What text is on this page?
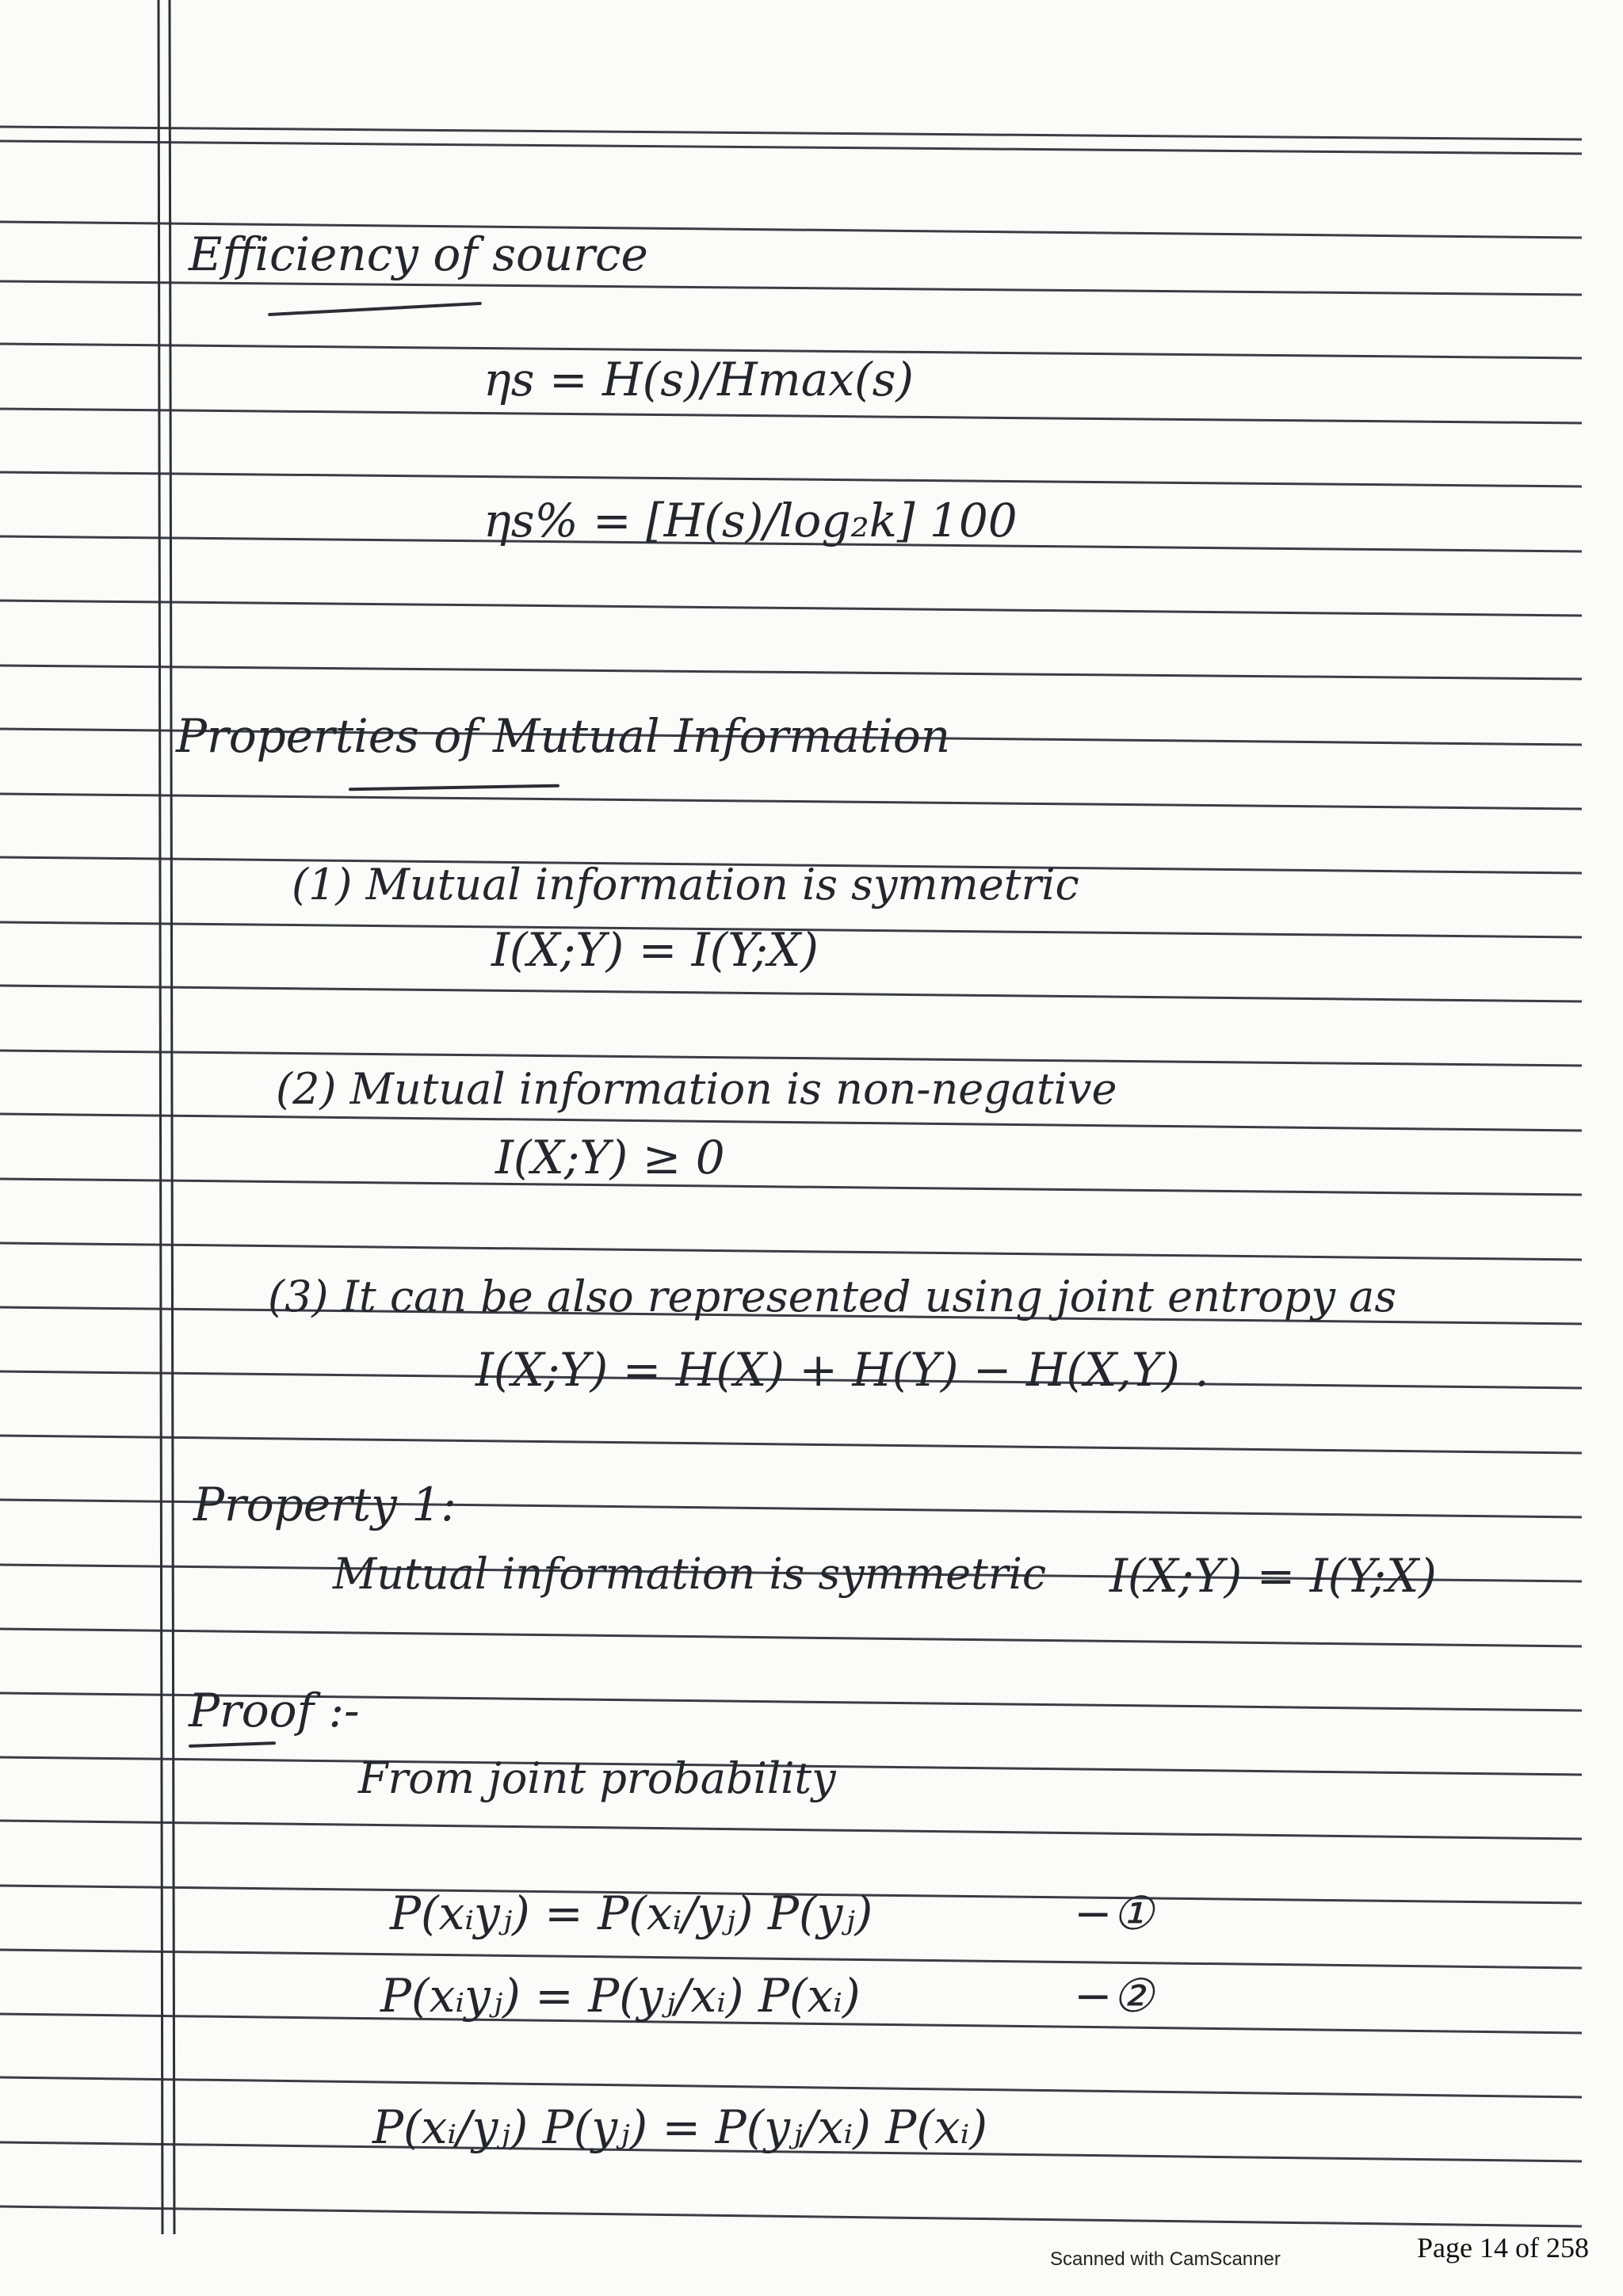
Efficiency of source
ηs = H(s)/Hmax(s)
ηs% = [H(s)/log₂k] 100
Properties of Mutual Information
(1) Mutual information is symmetric
I(X;Y) = I(Y;X)
(2) Mutual information is non-negative
I(X;Y) ≥ 0
(3) It can be also represented using joint entropy as
I(X;Y) = H(X) + H(Y) − H(X,Y) .
Property 1:
Mutual information is symmetric I(X;Y) = I(Y;X)
Proof :-
From joint probability
P(xᵢyⱼ) = P(xᵢ/yⱼ) P(yⱼ)	−①
P(xᵢyⱼ) = P(yⱼ/xᵢ) P(xᵢ)	−②
P(xᵢ/yⱼ) P(yⱼ) = P(yⱼ/xᵢ) P(xᵢ)
Scanned with CamScanner	Page 14 of 258
